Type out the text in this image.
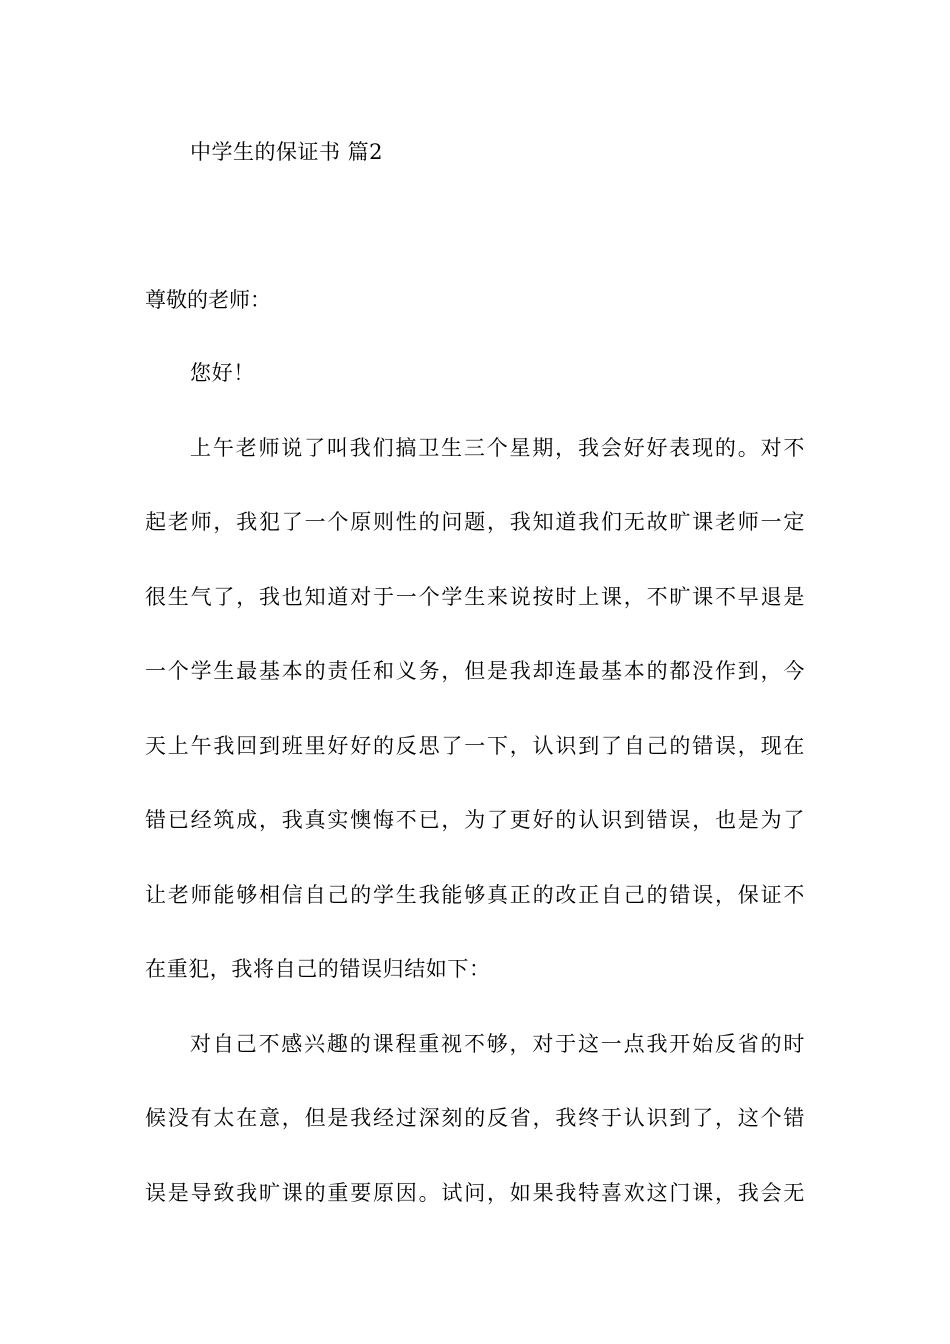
中学生的保证书 篇2
尊敬的老师：
您好！
上午老师说了叫我们搞卫生三个星期，我会好好表现的。对不
起老师，我犯了一个原则性的问题，我知道我们无故旷课老师一定
很生气了，我也知道对于一个学生来说按时上课，不旷课不早退是
一个学生最基本的责任和义务，但是我却连最基本的都没作到，今
天上午我回到班里好好的反思了一下，认识到了自己的错误，现在
错已经筑成，我真实懊悔不已，为了更好的认识到错误，也是为了
让老师能够相信自己的学生我能够真正的改正自己的错误，保证不
在重犯，我将自己的错误归结如下：
对自己不感兴趣的课程重视不够，对于这一点我开始反省的时
候没有太在意，但是我经过深刻的反省，我终于认识到了，这个错
误是导致我旷课的重要原因。试问，如果我特喜欢这门课，我会无
